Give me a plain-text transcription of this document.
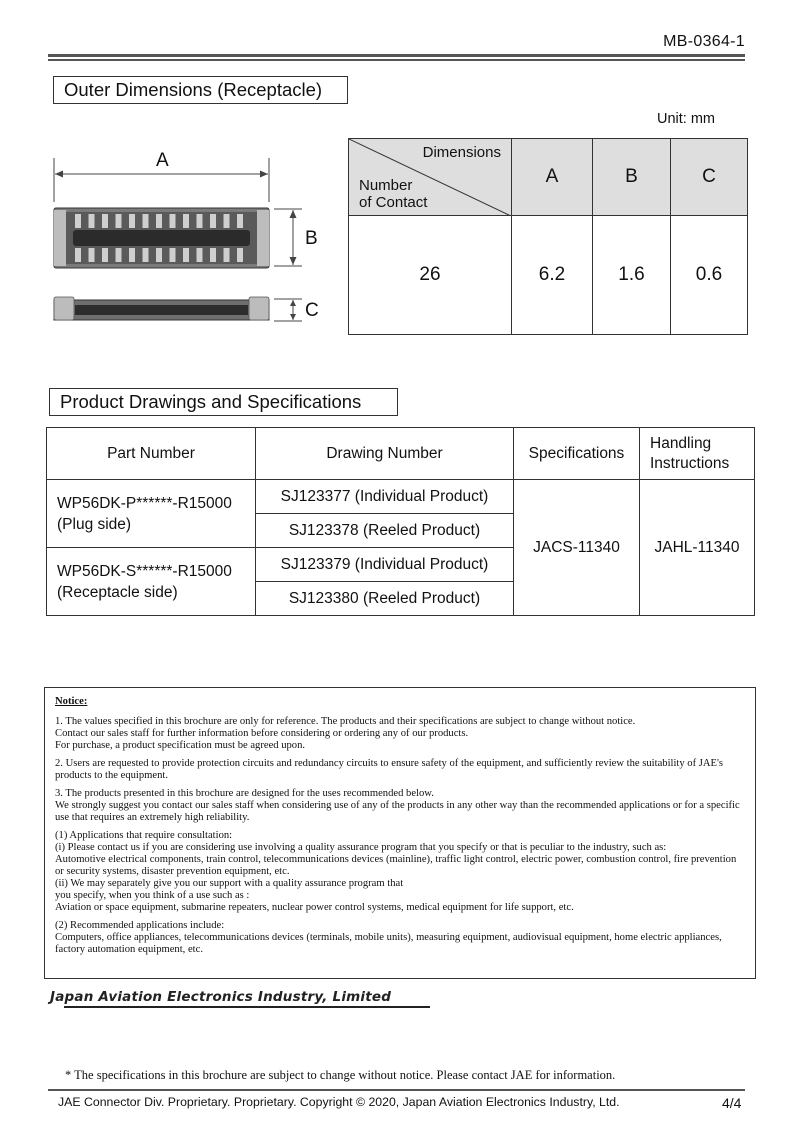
MB-0364-1
Outer Dimensions (Receptacle)
Unit: mm
A
B
C
Dimensions
Number
of Contact	A	B	C
26	6.2	1.6	0.6
Product Drawings and Specifications
Part Number	Drawing Number	Specifications	Handling
Instructions

WP56DK-P******-R15000
(Plug side)	SJ123377 (Individual Product)	JACS-11340	JAHL-11340
	SJ123378 (Reeled Product)		

WP56DK-S******-R15000
(Receptacle side)	SJ123379 (Individual Product)		
	SJ123380 (Reeled Product)		

Notice:

1. The values specified in this brochure are only for reference. The products and their specifications are subject to change without notice.
Contact our sales staff for further information before considering or ordering any of our products.
For purchase, a product specification must be agreed upon.

2. Users are requested to provide protection circuits and redundancy circuits to ensure safety of the equipment, and sufficiently review the suitability of JAE's products to the equipment.

3. The products presented in this brochure are designed for the uses recommended below.
We strongly suggest you contact our sales staff when considering use of any of the products in any other way than the recommended applications or for a specific use that requires an extremely high reliability.

(1) Applications that require consultation:
(i) Please contact us if you are considering use involving a quality assurance program that you specify or that is peculiar to the industry, such as:
Automotive electrical components, train control, telecommunications devices (mainline), traffic light control, electric power, combustion control, fire prevention or security systems, disaster prevention equipment, etc.
(ii) We may separately give you our support with a quality assurance program that
you specify, when you think of a use such as :
Aviation or space equipment, submarine repeaters, nuclear power control systems, medical equipment for life support, etc.

(2) Recommended applications include:
Computers, office appliances, telecommunications devices (terminals, mobile units), measuring equipment, audiovisual equipment, home electric appliances, factory automation equipment, etc.

Japan Aviation Electronics Industry, Limited
* The specifications in this brochure are subject to change without notice. Please contact JAE for information.
JAE Connector Div. Proprietary. Proprietary. Copyright © 2020, Japan Aviation Electronics Industry, Ltd.	4/4
